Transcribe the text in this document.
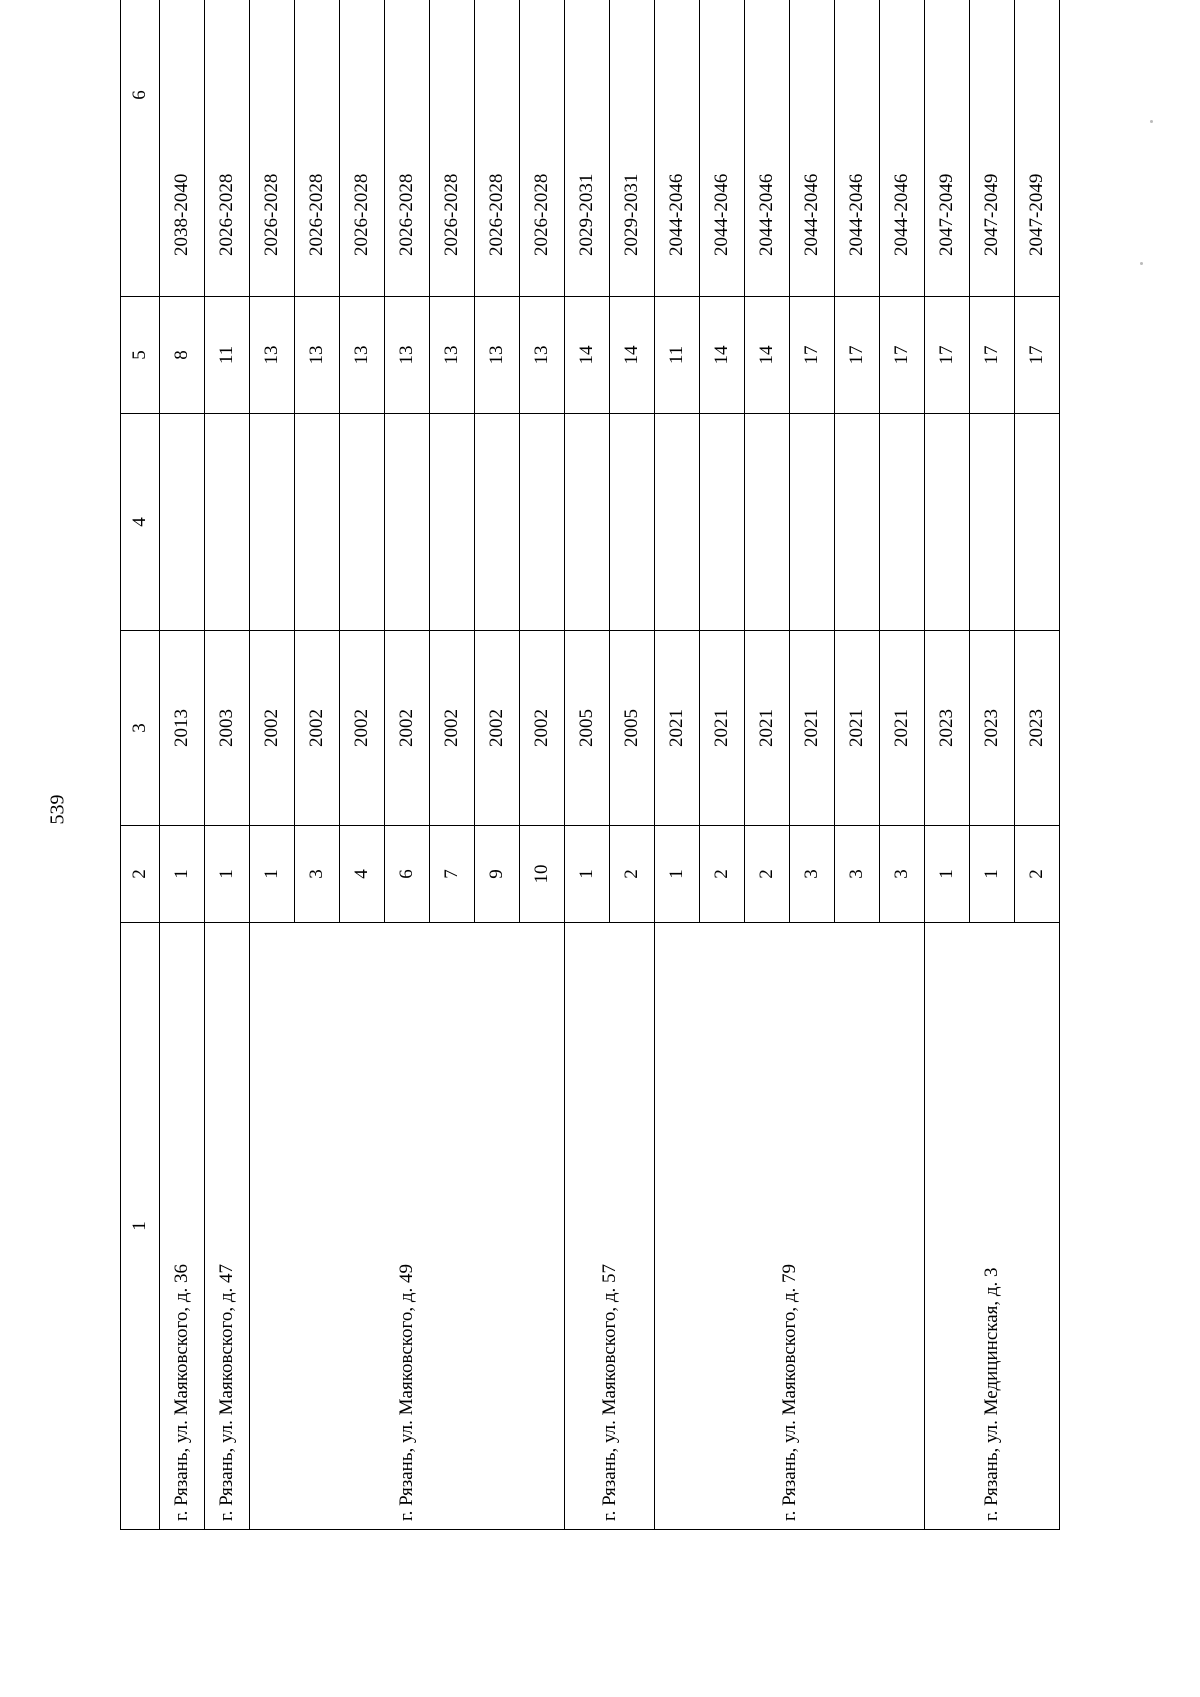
539
1	2	3	4	5	6
г. Рязань, ул. Маяковского, д. 36	1	2013		8	2038-2040
г. Рязань, ул. Маяковского, д. 47	1	2003		11	2026-2028
г. Рязань, ул. Маяковского, д. 49	1	2002		13	2026-2028
	3	2002		13	2026-2028
	4	2002		13	2026-2028
	6	2002		13	2026-2028
	7	2002		13	2026-2028
	9	2002		13	2026-2028
	10	2002		13	2026-2028
г. Рязань, ул. Маяковского, д. 57	1	2005		14	2029-2031
	2	2005		14	2029-2031
г. Рязань, ул. Маяковского, д. 79	1	2021		11	2044-2046
	2	2021		14	2044-2046
	2	2021		14	2044-2046
	3	2021		17	2044-2046
	3	2021		17	2044-2046
	3	2021		17	2044-2046
г. Рязань, ул. Медицинская, д. 3	1	2023		17	2047-2049
	1	2023		17	2047-2049
	2	2023		17	2047-2049
